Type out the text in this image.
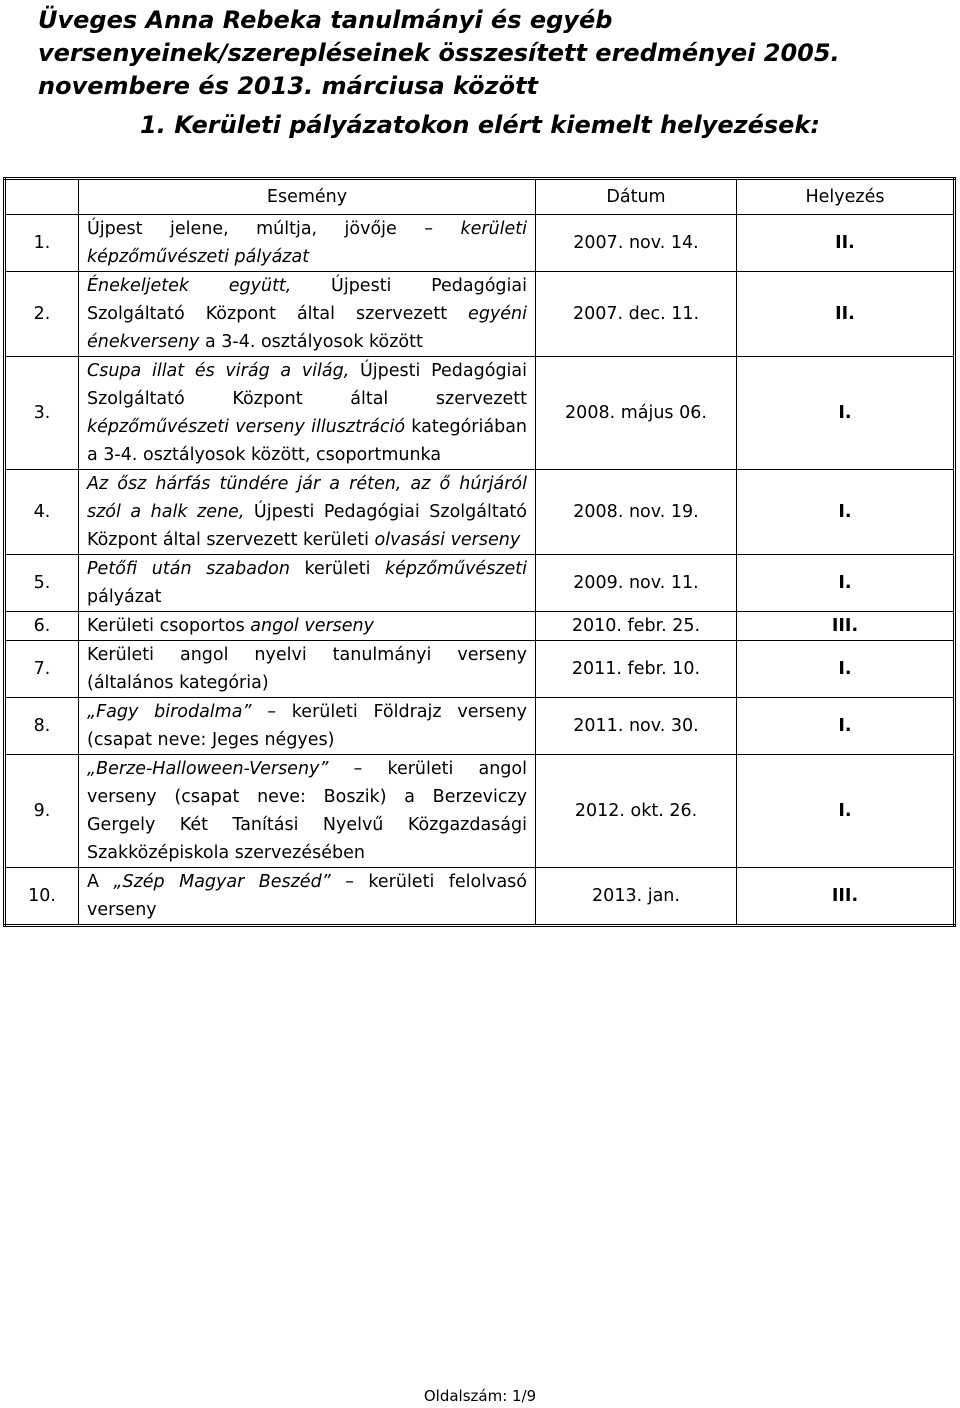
Üveges Anna Rebeka tanulmányi és egyéb versenyeinek/szerepléseinek összesített eredményei 2005. novembere és 2013. márciusa között
1. Kerületi pályázatokon elért kiemelt helyezések:
	Esemény	Dátum	Helyezés
1.	Újpest jelene, múltja, jövője – kerületi képzőművészeti pályázat	2007. nov. 14.	II.
2.	Énekeljetek együtt, Újpesti Pedagógiai Szolgáltató Központ által szervezett egyéni énekverseny a 3-4. osztályosok között	2007. dec. 11.	II.
3.	Csupa illat és virág a világ, Újpesti Pedagógiai Szolgáltató Központ által szervezett képzőművészeti verseny illusztráció kategóriában a 3-4. osztályosok között, csoportmunka	2008. május 06.	I.
4.	Az ősz hárfás tündére jár a réten, az ő húrjáról szól a halk zene, Újpesti Pedagógiai Szolgáltató Központ által szervezett kerületi olvasási verseny	2008. nov. 19.	I.
5.	Petőfi után szabadon kerületi képzőművészeti pályázat	2009. nov. 11.	I.
6.	Kerületi csoportos angol verseny	2010. febr. 25.	III.
7.	Kerületi angol nyelvi tanulmányi verseny (általános kategória)	2011. febr. 10.	I.
8.	„Fagy birodalma” – kerületi Földrajz verseny (csapat neve: Jeges négyes)	2011. nov. 30.	I.
9.	„Berze-Halloween-Verseny” – kerületi angol verseny (csapat neve: Boszik) a Berzeviczy Gergely Két Tanítási Nyelvű Közgazdasági Szakközépiskola szervezésében	2012. okt. 26.	I.
10.	A „Szép Magyar Beszéd” – kerületi felolvasó verseny	2013. jan.	III.
Oldalszám: 1/9
